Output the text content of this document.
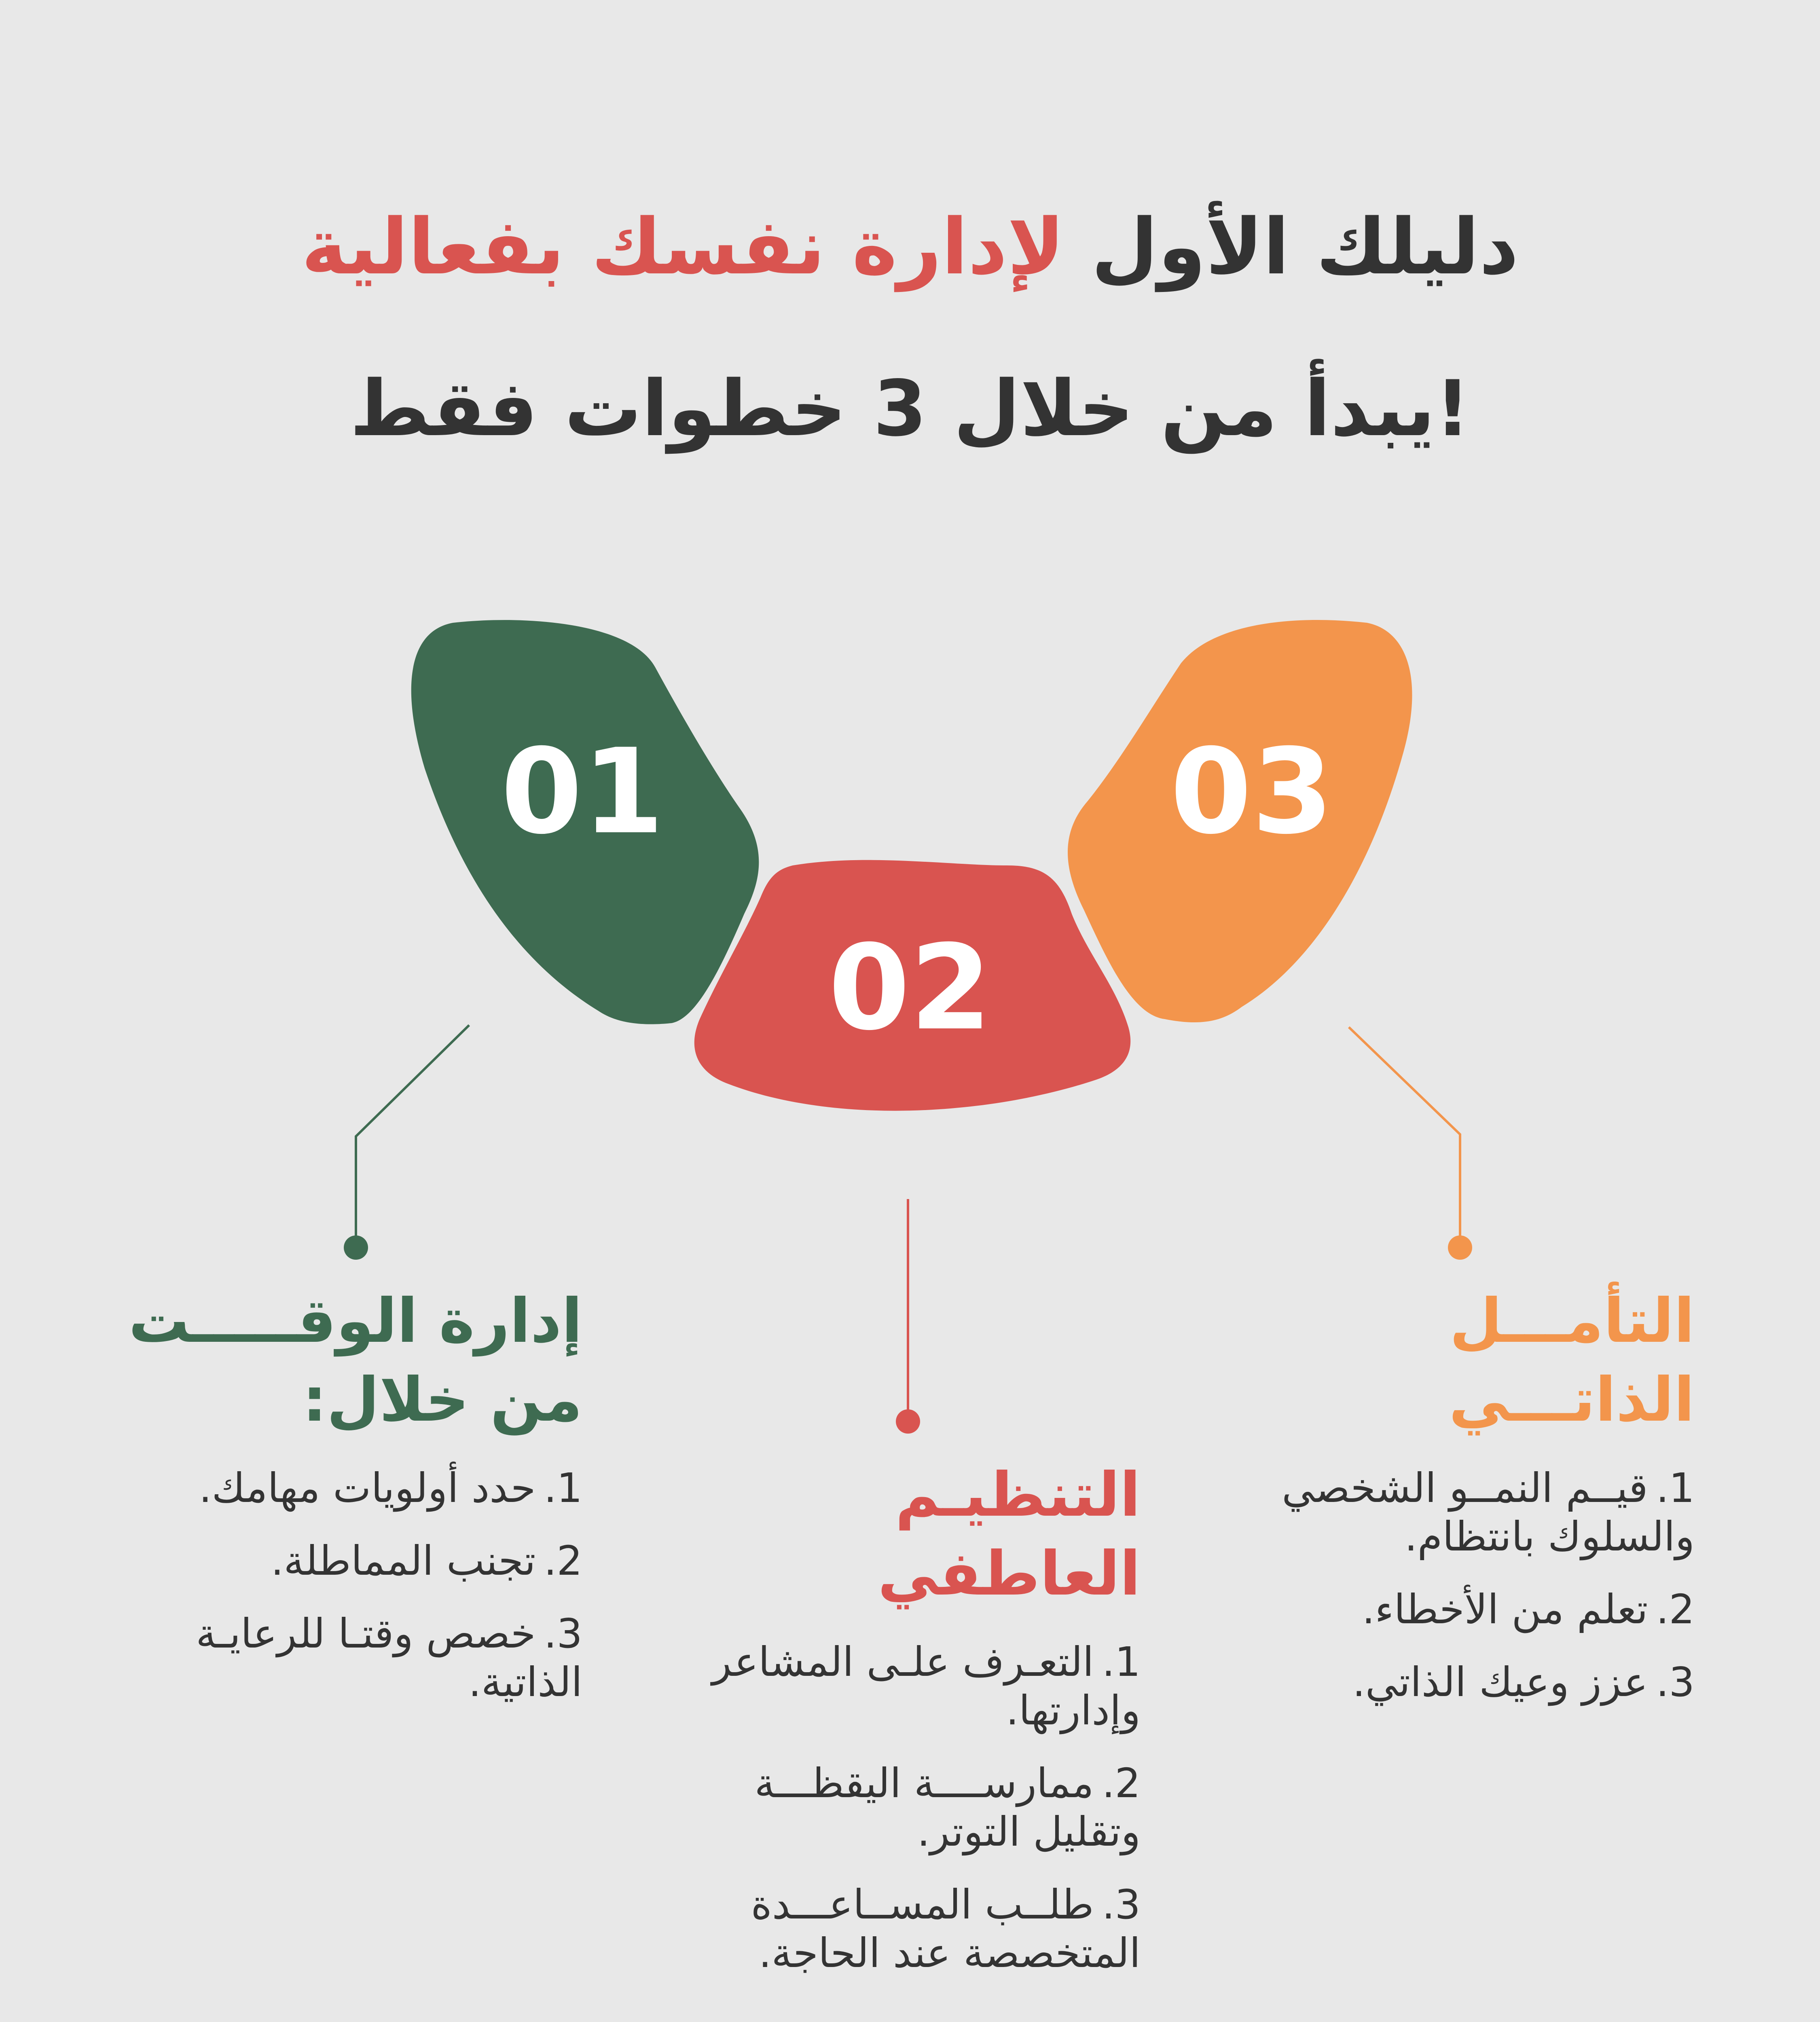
دليلك الأول لإدارة نفسك بفعالية
يبدأ من خلال 3 خطوات فقط!
01
02
03
إدارة الوقـــــت
من خلال:
1.حدد أولويات مهامك.
2.تجنب المماطلة.
3.خصص وقتـا للرعايـة الذاتية.
التنظيـم العاطفي
1.التعـرف علـى المشاعر وإدارتها.
2.ممارســــة اليقظـــة وتقليل التوتر.
3.طلــب المســاعـــدة المتخصصة عند الحاجة.
التأمـــل الذاتـــي
1.قيــم النمــو الشخصي والسلوك بانتظام.
2.تعلم من الأخطاء.
3.عزز وعيك الذاتي.
